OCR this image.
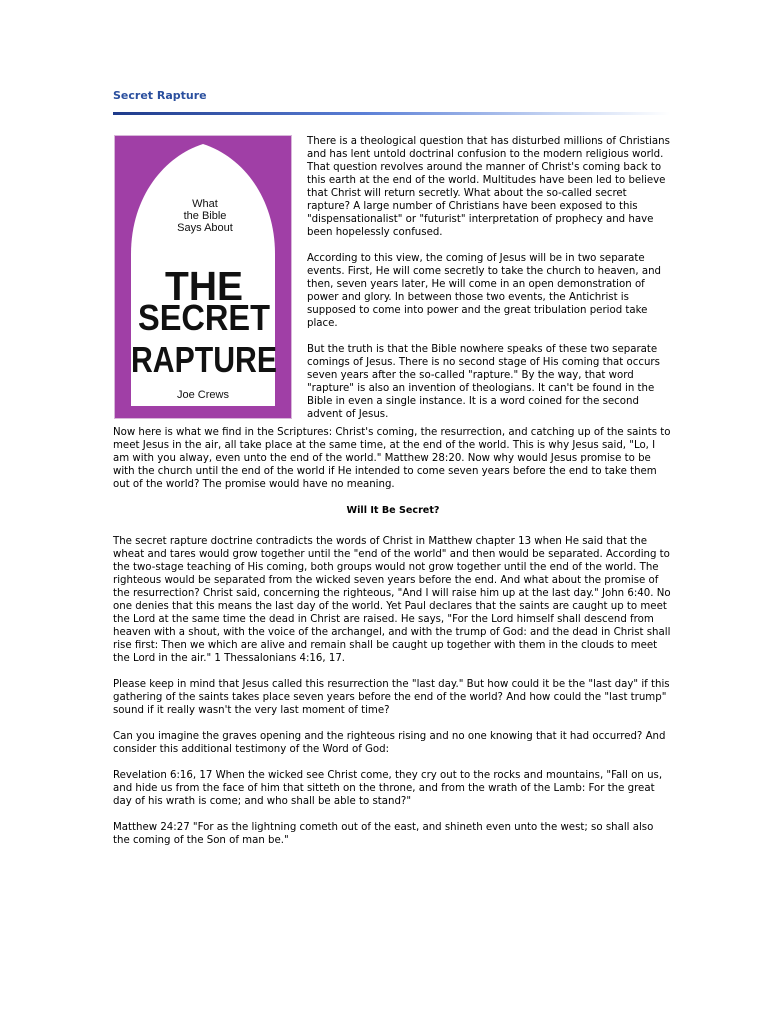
Secret Rapture
What
the Bible
Says About
THE
SECRET
RAPTURE
Joe Crews

There is a theological question that has disturbed millions of Christians and has lent untold doctrinal confusion to the modern religious world. That question revolves around the manner of Christ's coming back to this earth at the end of the world. Multitudes have been led to believe that Christ will return secretly. What about the so-called secret rapture? A large number of Christians have been exposed to this "dispensationalist" or "futurist" interpretation of prophecy and have been hopelessly confused.

According to this view, the coming of Jesus will be in two separate events. First, He will come secretly to take the church to heaven, and then, seven years later, He will come in an open demonstration of power and glory. In between those two events, the Antichrist is supposed to come into power and the great tribulation period take place.

But the truth is that the Bible nowhere speaks of these two separate comings of Jesus. There is no second stage of His coming that occurs seven years after the so-called "rapture." By the way, that word "rapture" is also an invention of theologians. It can't be found in the Bible in even a single instance. It is a word coined for the second advent of Jesus.

Now here is what we find in the Scriptures: Christ's coming, the resurrection, and catching up of the saints to meet Jesus in the air, all take place at the same time, at the end of the world. This is why Jesus said, "Lo, I am with you alway, even unto the end of the world." Matthew 28:20. Now why would Jesus promise to be with the church until the end of the world if He intended to come seven years before the end to take them out of the world? The promise would have no meaning.

Will It Be Secret?

The secret rapture doctrine contradicts the words of Christ in Matthew chapter 13 when He said that the wheat and tares would grow together until the "end of the world" and then would be separated. According to the two-stage teaching of His coming, both groups would not grow together until the end of the world. The righteous would be separated from the wicked seven years before the end. And what about the promise of the resurrection? Christ said, concerning the righteous, "And I will raise him up at the last day." John 6:40. No one denies that this means the last day of the world. Yet Paul declares that the saints are caught up to meet the Lord at the same time the dead in Christ are raised. He says, "For the Lord himself shall descend from heaven with a shout, with the voice of the archangel, and with the trump of God: and the dead in Christ shall rise first: Then we which are alive and remain shall be caught up together with them in the clouds to meet the Lord in the air." 1 Thessalonians 4:16, 17.

Please keep in mind that Jesus called this resurrection the "last day." But how could it be the "last day" if this gathering of the saints takes place seven years before the end of the world? And how could the "last trump" sound if it really wasn't the very last moment of time?

Can you imagine the graves opening and the righteous rising and no one knowing that it had occurred? And consider this additional testimony of the Word of God:

Revelation 6:16, 17 When the wicked see Christ come, they cry out to the rocks and mountains, "Fall on us, and hide us from the face of him that sitteth on the throne, and from the wrath of the Lamb: For the great day of his wrath is come; and who shall be able to stand?"

Matthew 24:27 "For as the lightning cometh out of the east, and shineth even unto the west; so shall also the coming of the Son of man be."
